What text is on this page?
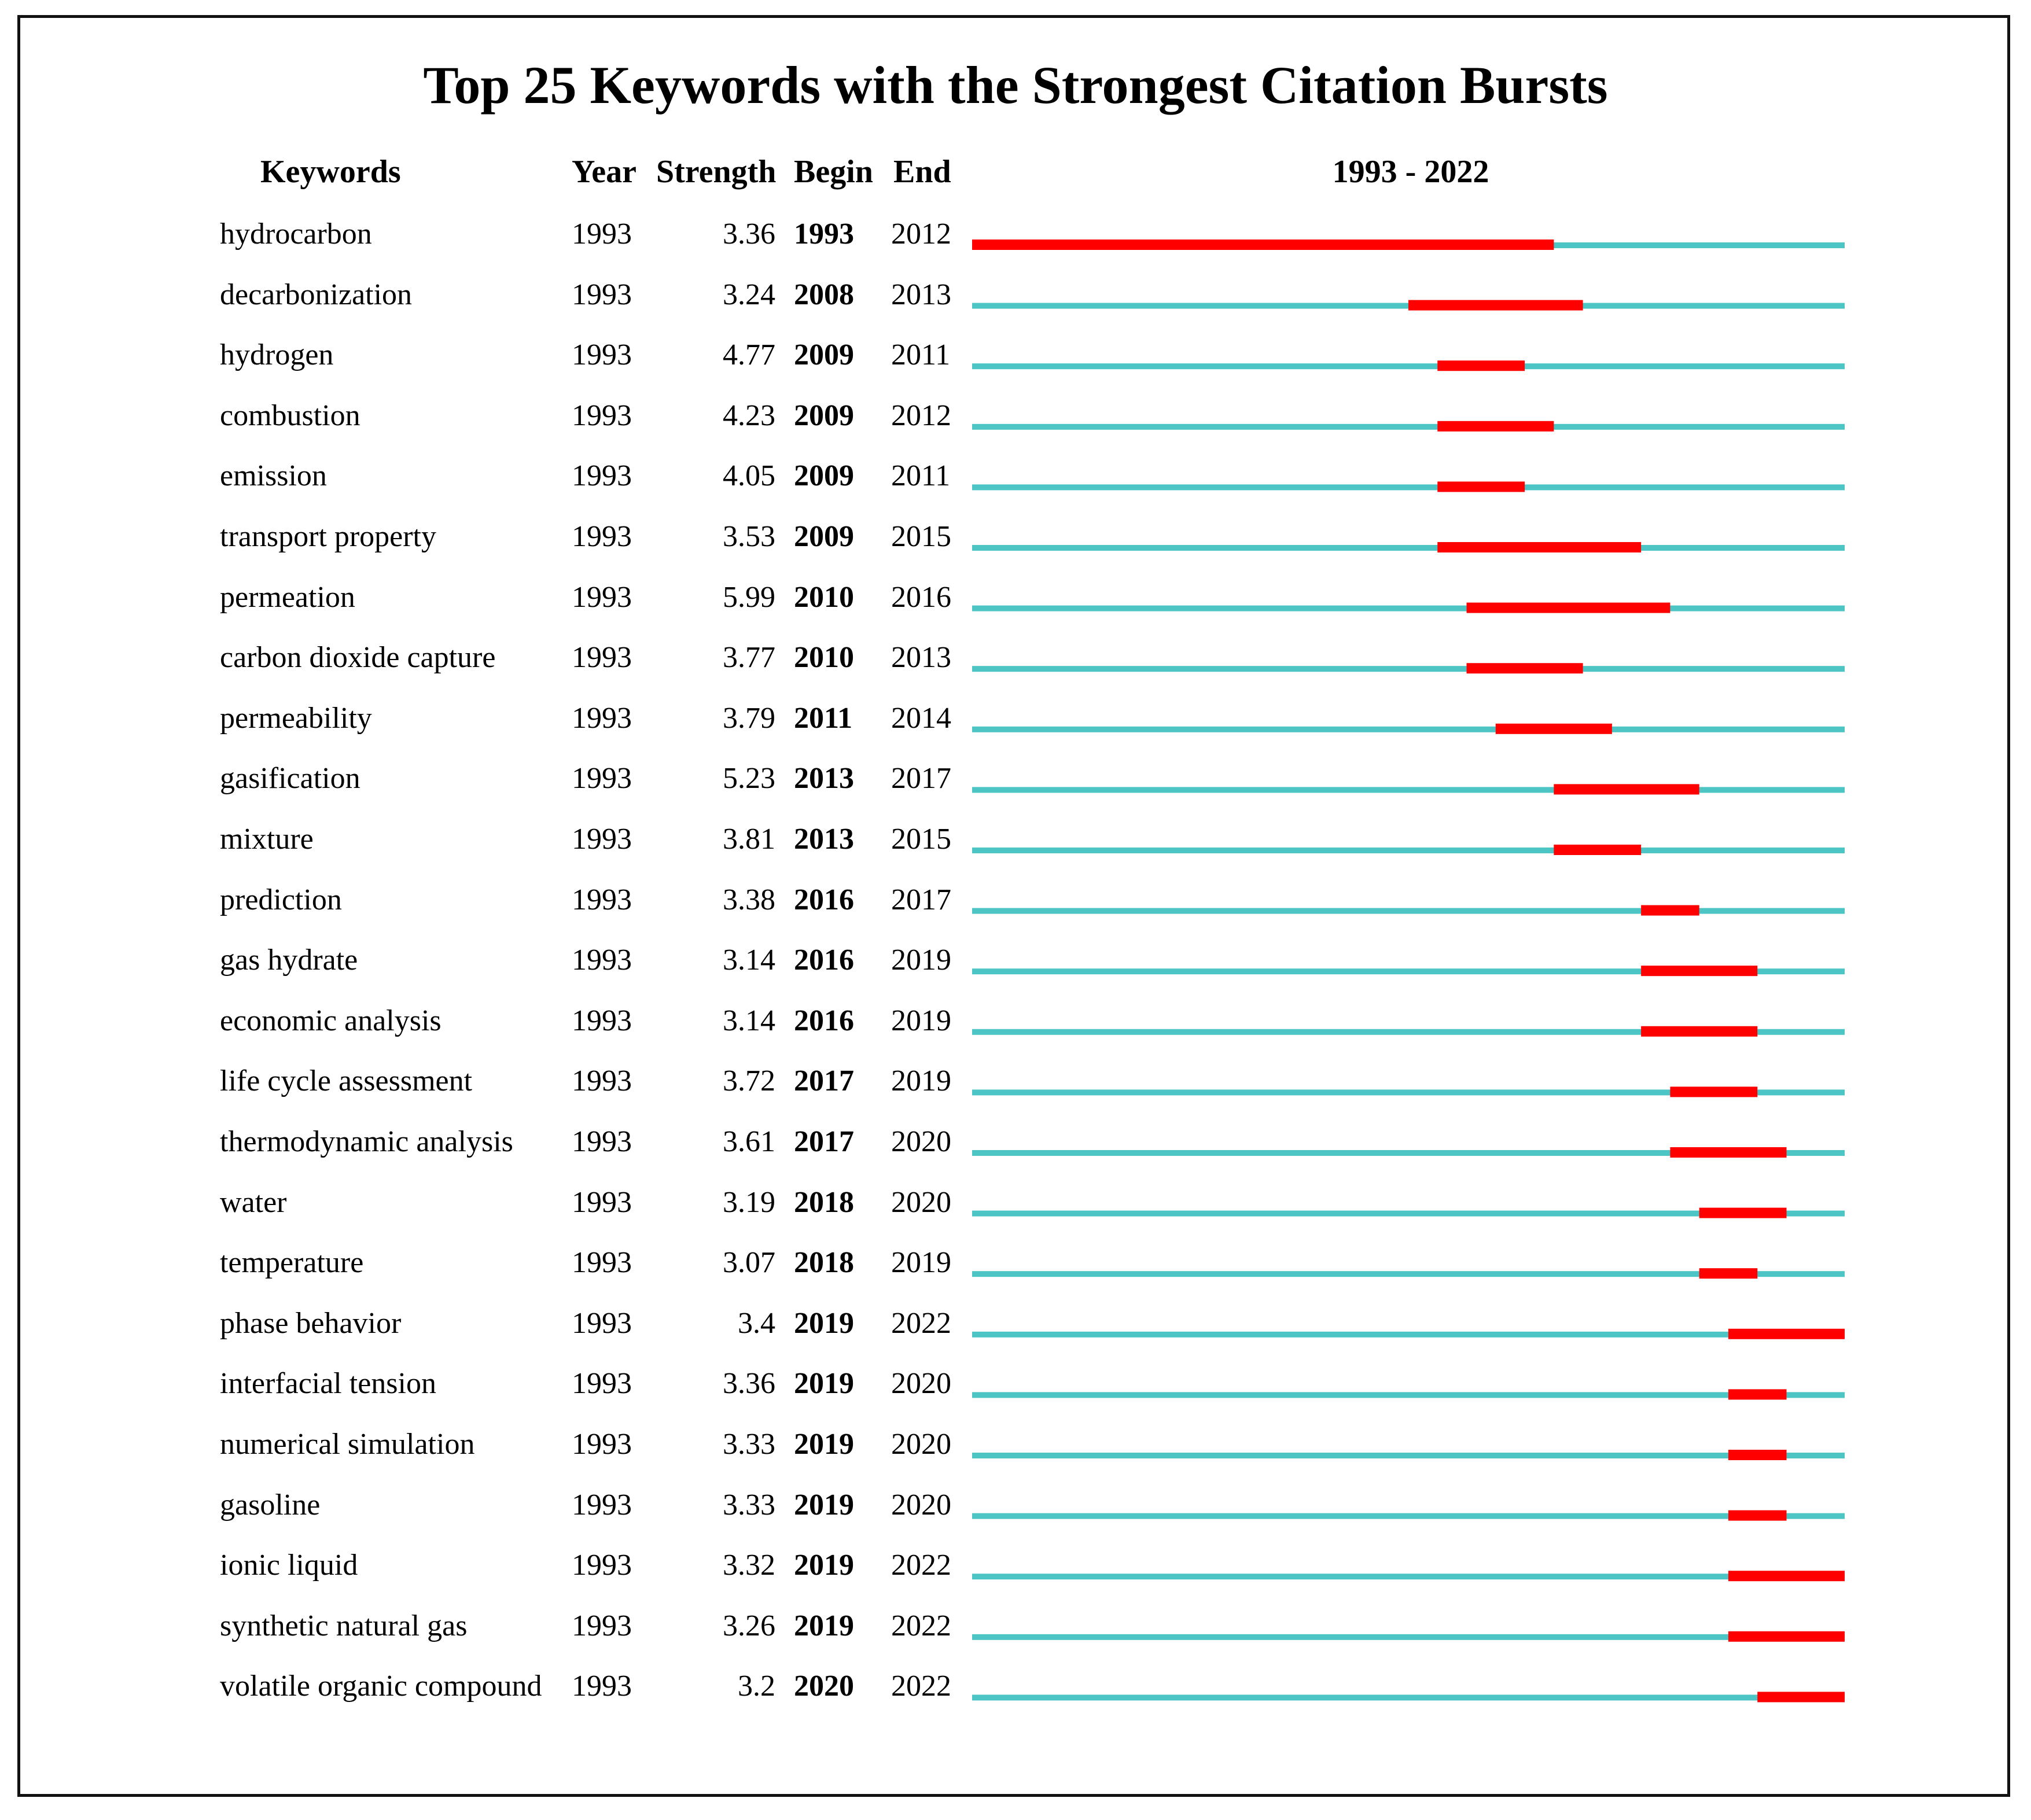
Top 25 Keywords with the Strongest Citation Bursts
Keywords	Year Strength Begin End	1993 - 2022
hydrocarbon	1993	3.36 1993 2012
decarbonization	1993	3.24 2008 2013
hydrogen	1993	4.77 2009 2011
combustion	1993	4.23 2009 2012
emission	1993	4.05 2009 2011
transport property	1993	3.53 2009 2015
permeation	1993	5.99 2010 2016
carbon dioxide capture	1993	3.77 2010 2013
permeability	1993	3.79 2011 2014
gasification	1993	5.23 2013 2017
mixture	1993	3.81 2013 2015
prediction	1993	3.38 2016 2017
gas hydrate	1993	3.14 2016 2019
economic analysis	1993	3.14 2016 2019
life cycle assessment	1993	3.72 2017 2019
thermodynamic analysis 1993	3.61 2017 2020
water	1993	3.19 2018 2020
temperature	1993	3.07 2018 2019
phase behavior	1993	3.4 2019 2022
interfacial tension	1993	3.36 2019 2020
numerical simulation	1993	3.33 2019 2020
gasoline	1993	3.33 2019 2020
ionic liquid	1993	3.32 2019 2022
synthetic natural gas	1993	3.26 2019 2022
volatile organic compound 1993	3.2 2020 2022
